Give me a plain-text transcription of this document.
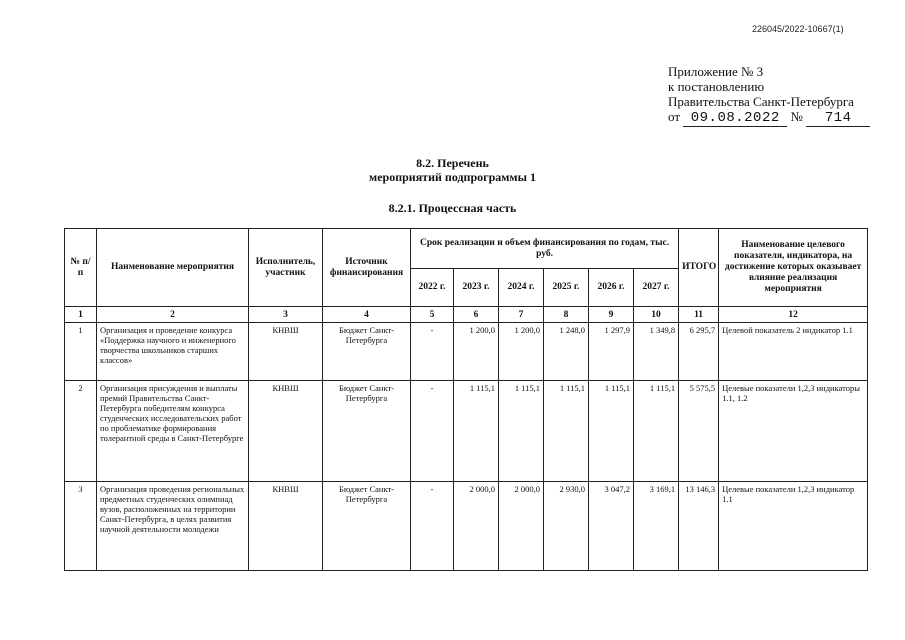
226045/2022-10667(1)
Приложение № 3
к постановлению
Правительства Санкт-Петербурга
от 09.08.2022 № 714
8.2. Перечень
мероприятий подпрограммы 1
8.2.1. Процессная часть
№ п/п	Наименование мероприятия	Исполнитель, участник	Источник финансирования	Срок реализации и объем финансирования по годам, тыс. руб.						ИТОГО	Наименование целевого показателя, индикатора, на достижение которых оказывает влияние реализация мероприятия
				2022 г.	2023 г.	2024 г.	2025 г.	2026 г.	2027 г.		
1	2	3	4	5	6	7	8	9	10	11	12
1	Организация и проведение конкурса «Поддержка научного и инженерного творчества школьников старших классов»	КНВШ	Бюджет Санкт-Петербурга	-	1 200,0	1 200,0	1 248,0	1 297,9	1 349,8	6 295,7	Целевой показатель 2 индикатор 1.1
2	Организация присуждения и выплаты премий Правительства Санкт-Петербурга победителям конкурса студенческих исследовательских работ по проблематике формирования толерантной среды в Санкт-Петербурге	КНВШ	Бюджет Санкт-Петербурга	-	1 115,1	1 115,1	1 115,1	1 115,1	1 115,1	5 575,5	Целевые показатели 1,2,3 индикаторы 1.1, 1.2
3	Организация проведения региональных предметных студенческих олимпиад вузов, расположенных на территории Санкт-Петербурга, в целях развития научной деятельности молодежи	КНВШ	Бюджет Санкт-Петербурга	-	2 000,0	2 000,0	2 930,0	3 047,2	3 169,1	13 146,3	Целевые показатели 1,2,3 индикатор 1.1
